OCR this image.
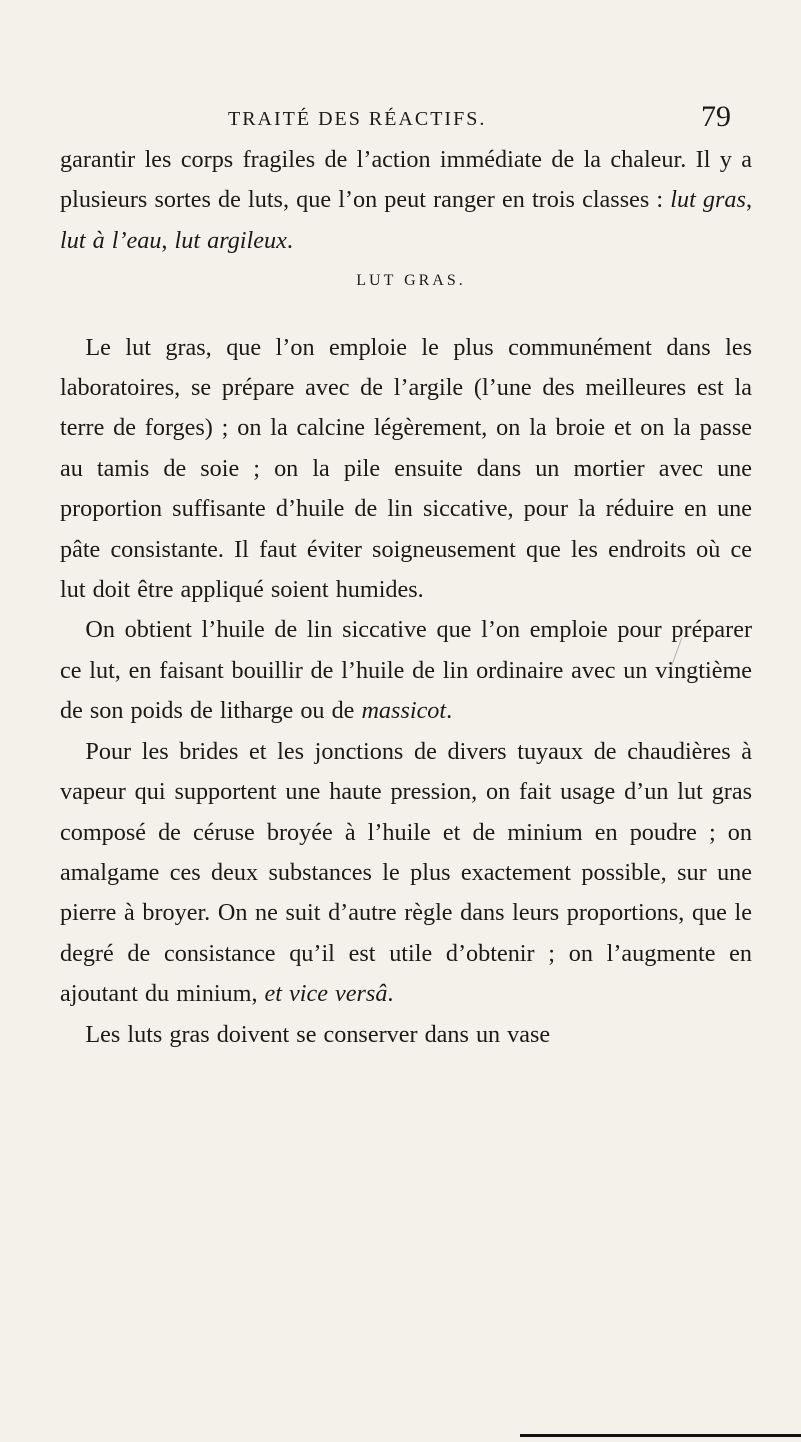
TRAITÉ DES RÉACTIFS.	79

garantir les corps fragiles de l’action immédiate de la chaleur. Il y a plusieurs sortes de luts, que l’on peut ranger en trois classes : lut gras, lut à l’eau, lut argileux.

LUT GRAS.

Le lut gras, que l’on emploie le plus communément dans les laboratoires, se prépare avec de l’argile (l’une des meilleures est la terre de forges) ; on la calcine légèrement, on la broie et on la passe au tamis de soie ; on la pile ensuite dans un mortier avec une proportion suffisante d’huile de lin siccative, pour la réduire en une pâte consistante. Il faut éviter soigneusement que les endroits où ce lut doit être appliqué soient humides.

On obtient l’huile de lin siccative que l’on emploie pour préparer ce lut, en faisant bouillir de l’huile de lin ordinaire avec un vingtième de son poids de litharge ou de massicot.

Pour les brides et les jonctions de divers tuyaux de chaudières à vapeur qui supportent une haute pression, on fait usage d’un lut gras composé de céruse broyée à l’huile et de minium en poudre ; on amalgame ces deux substances le plus exactement possible, sur une pierre à broyer. On ne suit d’autre règle dans leurs proportions, que le degré de consistance qu’il est utile d’obtenir ; on l’augmente en ajoutant du minium, et vice versâ.

Les luts gras doivent se conserver dans un vase
